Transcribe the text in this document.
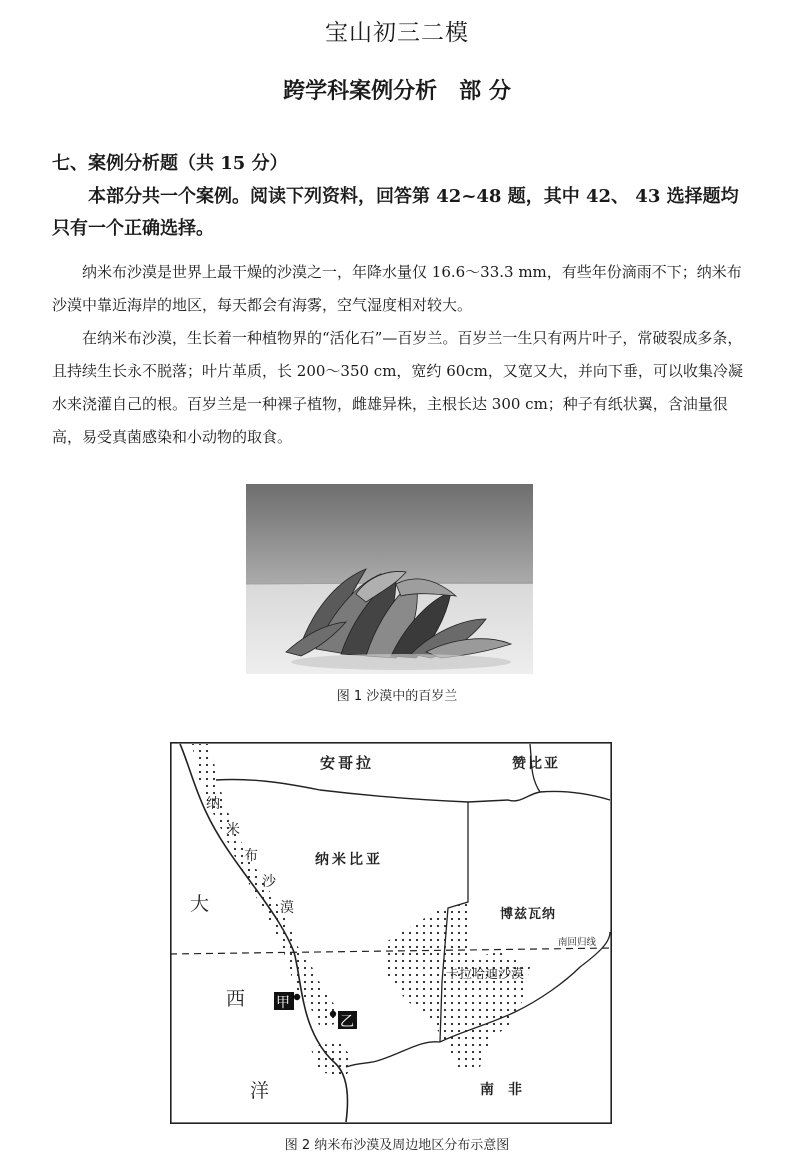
宝山初三二模
跨学科案例分析　部 分
七、案例分析题（共 15 分）
本部分共一个案例。阅读下列资料，回答第 42~48 题，其中 42、 43 选择题均只有一个正确选择。
纳米布沙漠是世界上最干燥的沙漠之一，年降水量仅 16.6～33.3 mm，有些年份滴雨不下；纳米布沙漠中靠近海岸的地区，每天都会有海雾，空气湿度相对较大。
在纳米布沙漠，生长着一种植物界的“活化石”—百岁兰。百岁兰一生只有两片叶子，常破裂成多条，且持续生长永不脱落；叶片革质，长 200～350 cm，宽约 60cm，又宽又大，并向下垂，可以收集冷凝水来浇灌自己的根。百岁兰是一种裸子植物，雌雄异株，主根长达 300 cm；种子有纸状翼，含油量很高，易受真菌感染和小动物的取食。
图 1 沙漠中的百岁兰
安哥拉	赞比亚
纳米比亚
博兹瓦纳
南回归线
卡拉哈迪沙漠
南　非
纳
米
布
沙
漠
大
西
洋
甲
乙
图 2 纳米布沙漠及周边地区分布示意图
